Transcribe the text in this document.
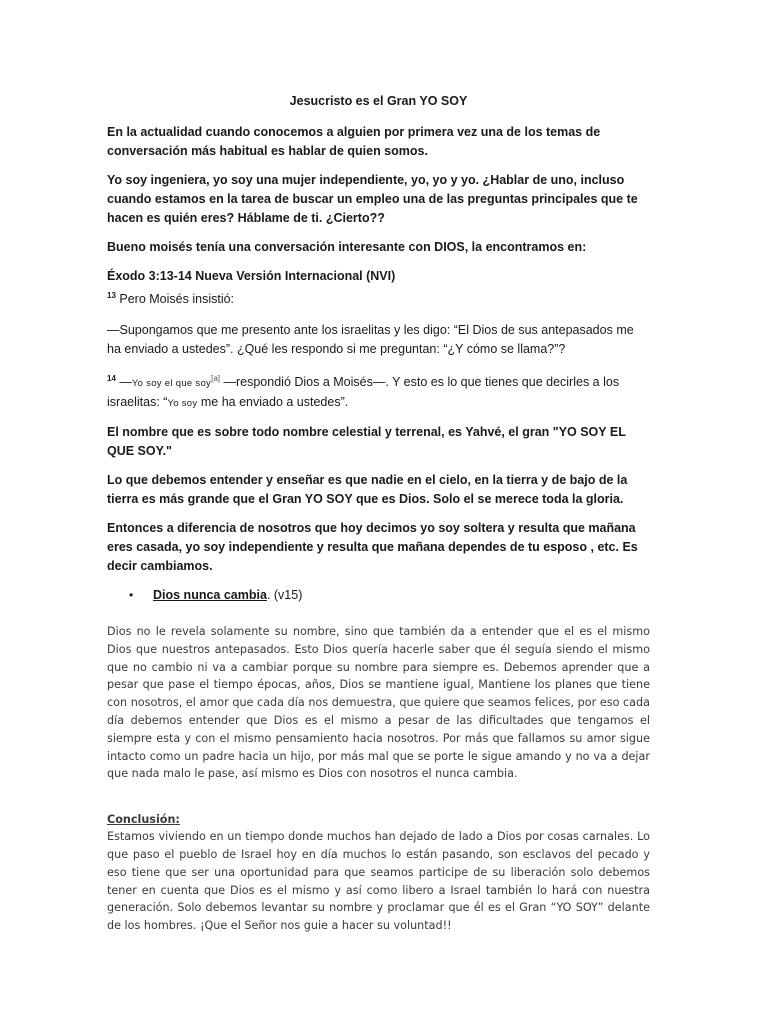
Jesucristo es el Gran YO SOY

En la actualidad cuando conocemos a alguien por primera vez una de los temas de conversación más habitual es hablar de quien somos.

Yo soy ingeniera, yo soy una mujer independiente, yo, yo y yo. ¿Hablar de uno, incluso cuando estamos en la tarea de buscar un empleo una de las preguntas principales que te hacen es quién eres? Háblame de ti. ¿Cierto??

Bueno moisés tenía una conversación interesante con DIOS, la encontramos en:

Éxodo 3:13-14 Nueva Versión Internacional (NVI)

$^{13}$ Pero Moisés insistió:

—Supongamos que me presento ante los israelitas y les digo: “El Dios de sus antepasados me ha enviado a ustedes”. ¿Qué les respondo si me preguntan: “¿Y cómo se llama?”?

$^{14}$ —Yo soy el que soy[a] —respondió Dios a Moisés—. Y esto es lo que tienes que decirles a los israelitas: “Yo soy me ha enviado a ustedes”.

El nombre que es sobre todo nombre celestial y terrenal, es Yahvé, el gran "YO SOY EL QUE SOY."

Lo que debemos entender y enseñar es que nadie en el cielo, en la tierra y de bajo de la tierra es más grande que el Gran YO SOY que es Dios. Solo el se merece toda la gloria.

Entonces a diferencia de nosotros que hoy decimos yo soy soltera y resulta que mañana eres casada, yo soy independiente y resulta que mañana dependes de tu esposo , etc. Es decir cambiamos.

•	Dios nunca cambia. (v15)
Dios no le revela solamente su nombre, sino que también da a entender que el es el mismo Dios que nuestros antepasados. Esto Dios quería hacerle saber que él seguía siendo el mismo que no cambio ni va a cambiar porque su nombre para siempre es. Debemos aprender que a pesar que pase el tiempo épocas, años, Dios se mantiene igual, Mantiene los planes que tiene con nosotros, el amor que cada día nos demuestra, que quiere que seamos felices, por eso cada día debemos entender que Dios es el mismo a pesar de las dificultades que tengamos el siempre esta y con el mismo pensamiento hacia nosotros. Por más que fallamos su amor sigue intacto como un padre hacia un hijo, por más mal que se porte le sigue amando y no va a dejar que nada malo le pase, así mismo es Dios con nosotros el nunca cambia.
Conclusión:
Estamos viviendo en un tiempo donde muchos han dejado de lado a Dios por cosas carnales. Lo que paso el pueblo de Israel hoy en día muchos lo están pasando, son esclavos del pecado y eso tiene que ser una oportunidad para que seamos participe de su liberación solo debemos tener en cuenta que Dios es el mismo y así como libero a Israel también lo hará con nuestra generación. Solo debemos levantar su nombre y proclamar que él es el Gran “YO SOY” delante de los hombres. ¡Que el Señor nos guie a hacer su voluntad!!
